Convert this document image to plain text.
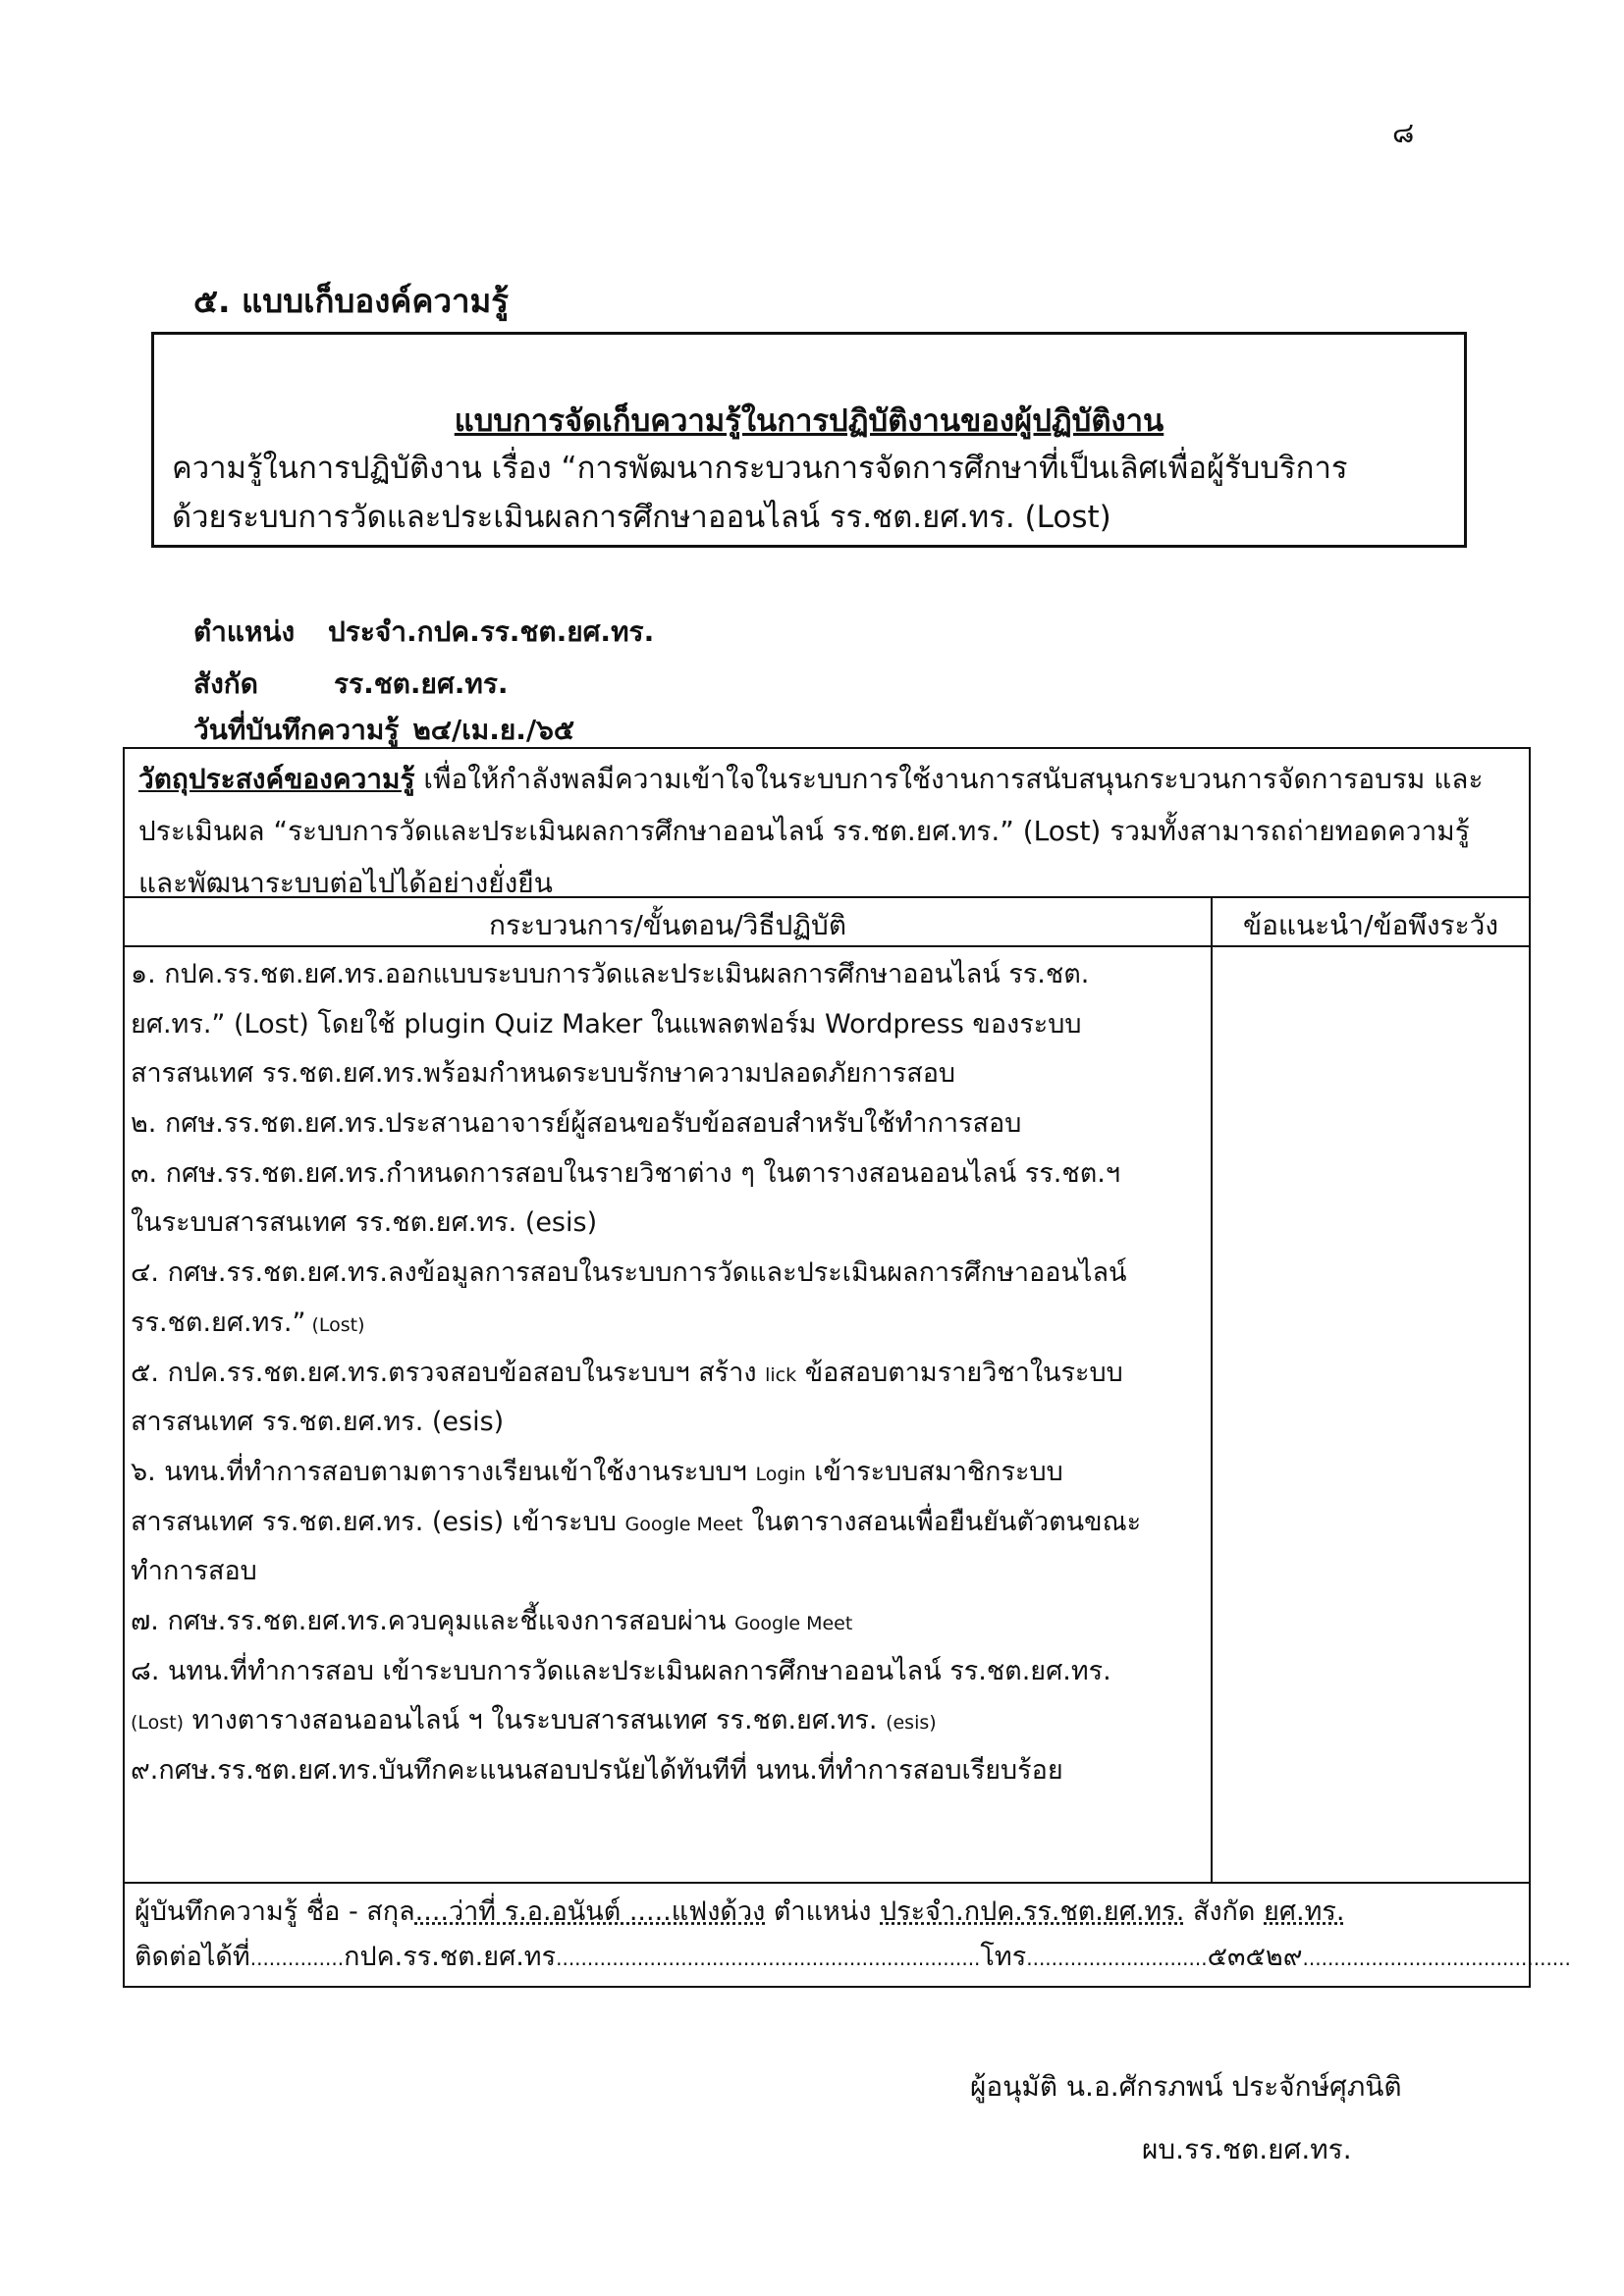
๘
๕. แบบเก็บองค์ความรู้
แบบการจัดเก็บความรู้ในการปฏิบัติงานของผู้ปฏิบัติงาน
ความรู้ในการปฏิบัติงาน เรื่อง “การพัฒนากระบวนการจัดการศึกษาที่เป็นเลิศเพื่อผู้รับบริการ
ด้วยระบบการวัดและประเมินผลการศึกษาออนไลน์ รร.ชต.ยศ.ทร. (Lost)
ตำแหน่ง ประจำ.กปค.รร.ชต.ยศ.ทร.
สังกัด	รร.ชต.ยศ.ทร.
วันที่บันทึกความรู้ ๒๔/เม.ย./๖๕
วัตถุประสงค์ของความรู้ เพื่อให้กำลังพลมีความเข้าใจในระบบการใช้งานการสนับสนุนกระบวนการจัดการอบรม และประเมินผล “ระบบการวัดและประเมินผลการศึกษาออนไลน์ รร.ชต.ยศ.ทร.” (Lost) รวมทั้งสามารถถ่ายทอดความรู้และพัฒนาระบบต่อไปได้อย่างยั่งยืน
กระบวนการ/ขั้นตอน/วิธีปฏิบัติ	ข้อแนะนำ/ข้อพึงระวัง
๑. กปค.รร.ชต.ยศ.ทร.ออกแบบระบบการวัดและประเมินผลการศึกษาออนไลน์ รร.ชต.
ยศ.ทร.” (Lost) โดยใช้ plugin Quiz Maker ในแพลตฟอร์ม Wordpress ของระบบ
สารสนเทศ รร.ชต.ยศ.ทร.พร้อมกำหนดระบบรักษาความปลอดภัยการสอบ
๒. กศษ.รร.ชต.ยศ.ทร.ประสานอาจารย์ผู้สอนขอรับข้อสอบสำหรับใช้ทำการสอบ
๓. กศษ.รร.ชต.ยศ.ทร.กำหนดการสอบในรายวิชาต่าง ๆ ในตารางสอนออนไลน์ รร.ชต.ฯ
ในระบบสารสนเทศ รร.ชต.ยศ.ทร. (esis)
๔. กศษ.รร.ชต.ยศ.ทร.ลงข้อมูลการสอบในระบบการวัดและประเมินผลการศึกษาออนไลน์
รร.ชต.ยศ.ทร.” (Lost)
๕. กปค.รร.ชต.ยศ.ทร.ตรวจสอบข้อสอบในระบบฯ สร้าง lick ข้อสอบตามรายวิชาในระบบ
สารสนเทศ รร.ชต.ยศ.ทร. (esis)
๖. นทน.ที่ทำการสอบตามตารางเรียนเข้าใช้งานระบบฯ Login เข้าระบบสมาชิกระบบ
สารสนเทศ รร.ชต.ยศ.ทร. (esis) เข้าระบบ Google Meet ในตารางสอนเพื่อยืนยันตัวตนขณะ
ทำการสอบ
๗. กศษ.รร.ชต.ยศ.ทร.ควบคุมและชี้แจงการสอบผ่าน Google Meet
๘. นทน.ที่ทำการสอบ เข้าระบบการวัดและประเมินผลการศึกษาออนไลน์ รร.ชต.ยศ.ทร.
(Lost) ทางตารางสอนออนไลน์ ฯ ในระบบสารสนเทศ รร.ชต.ยศ.ทร. (esis)
๙.กศษ.รร.ชต.ยศ.ทร.บันทึกคะแนนสอบปรนัยได้ทันทีที่ นทน.ที่ทำการสอบเรียบร้อย
ผู้บันทึกความรู้ ชื่อ - สกุล....ว่าที่ ร.อ.อนันต์ .....แฟงด้วง ตำแหน่ง ประจำ.กปค.รร.ชต.ยศ.ทร. สังกัด ยศ.ทร.
ติดต่อได้ที่...............กปค.รร.ชต.ยศ.ทร....................................................................โทร.............................๕๓๕๒๙...........................................
ผู้อนุมัติ น.อ.ศักรภพน์ ประจักษ์ศุภนิติ
ผบ.รร.ชต.ยศ.ทร.
